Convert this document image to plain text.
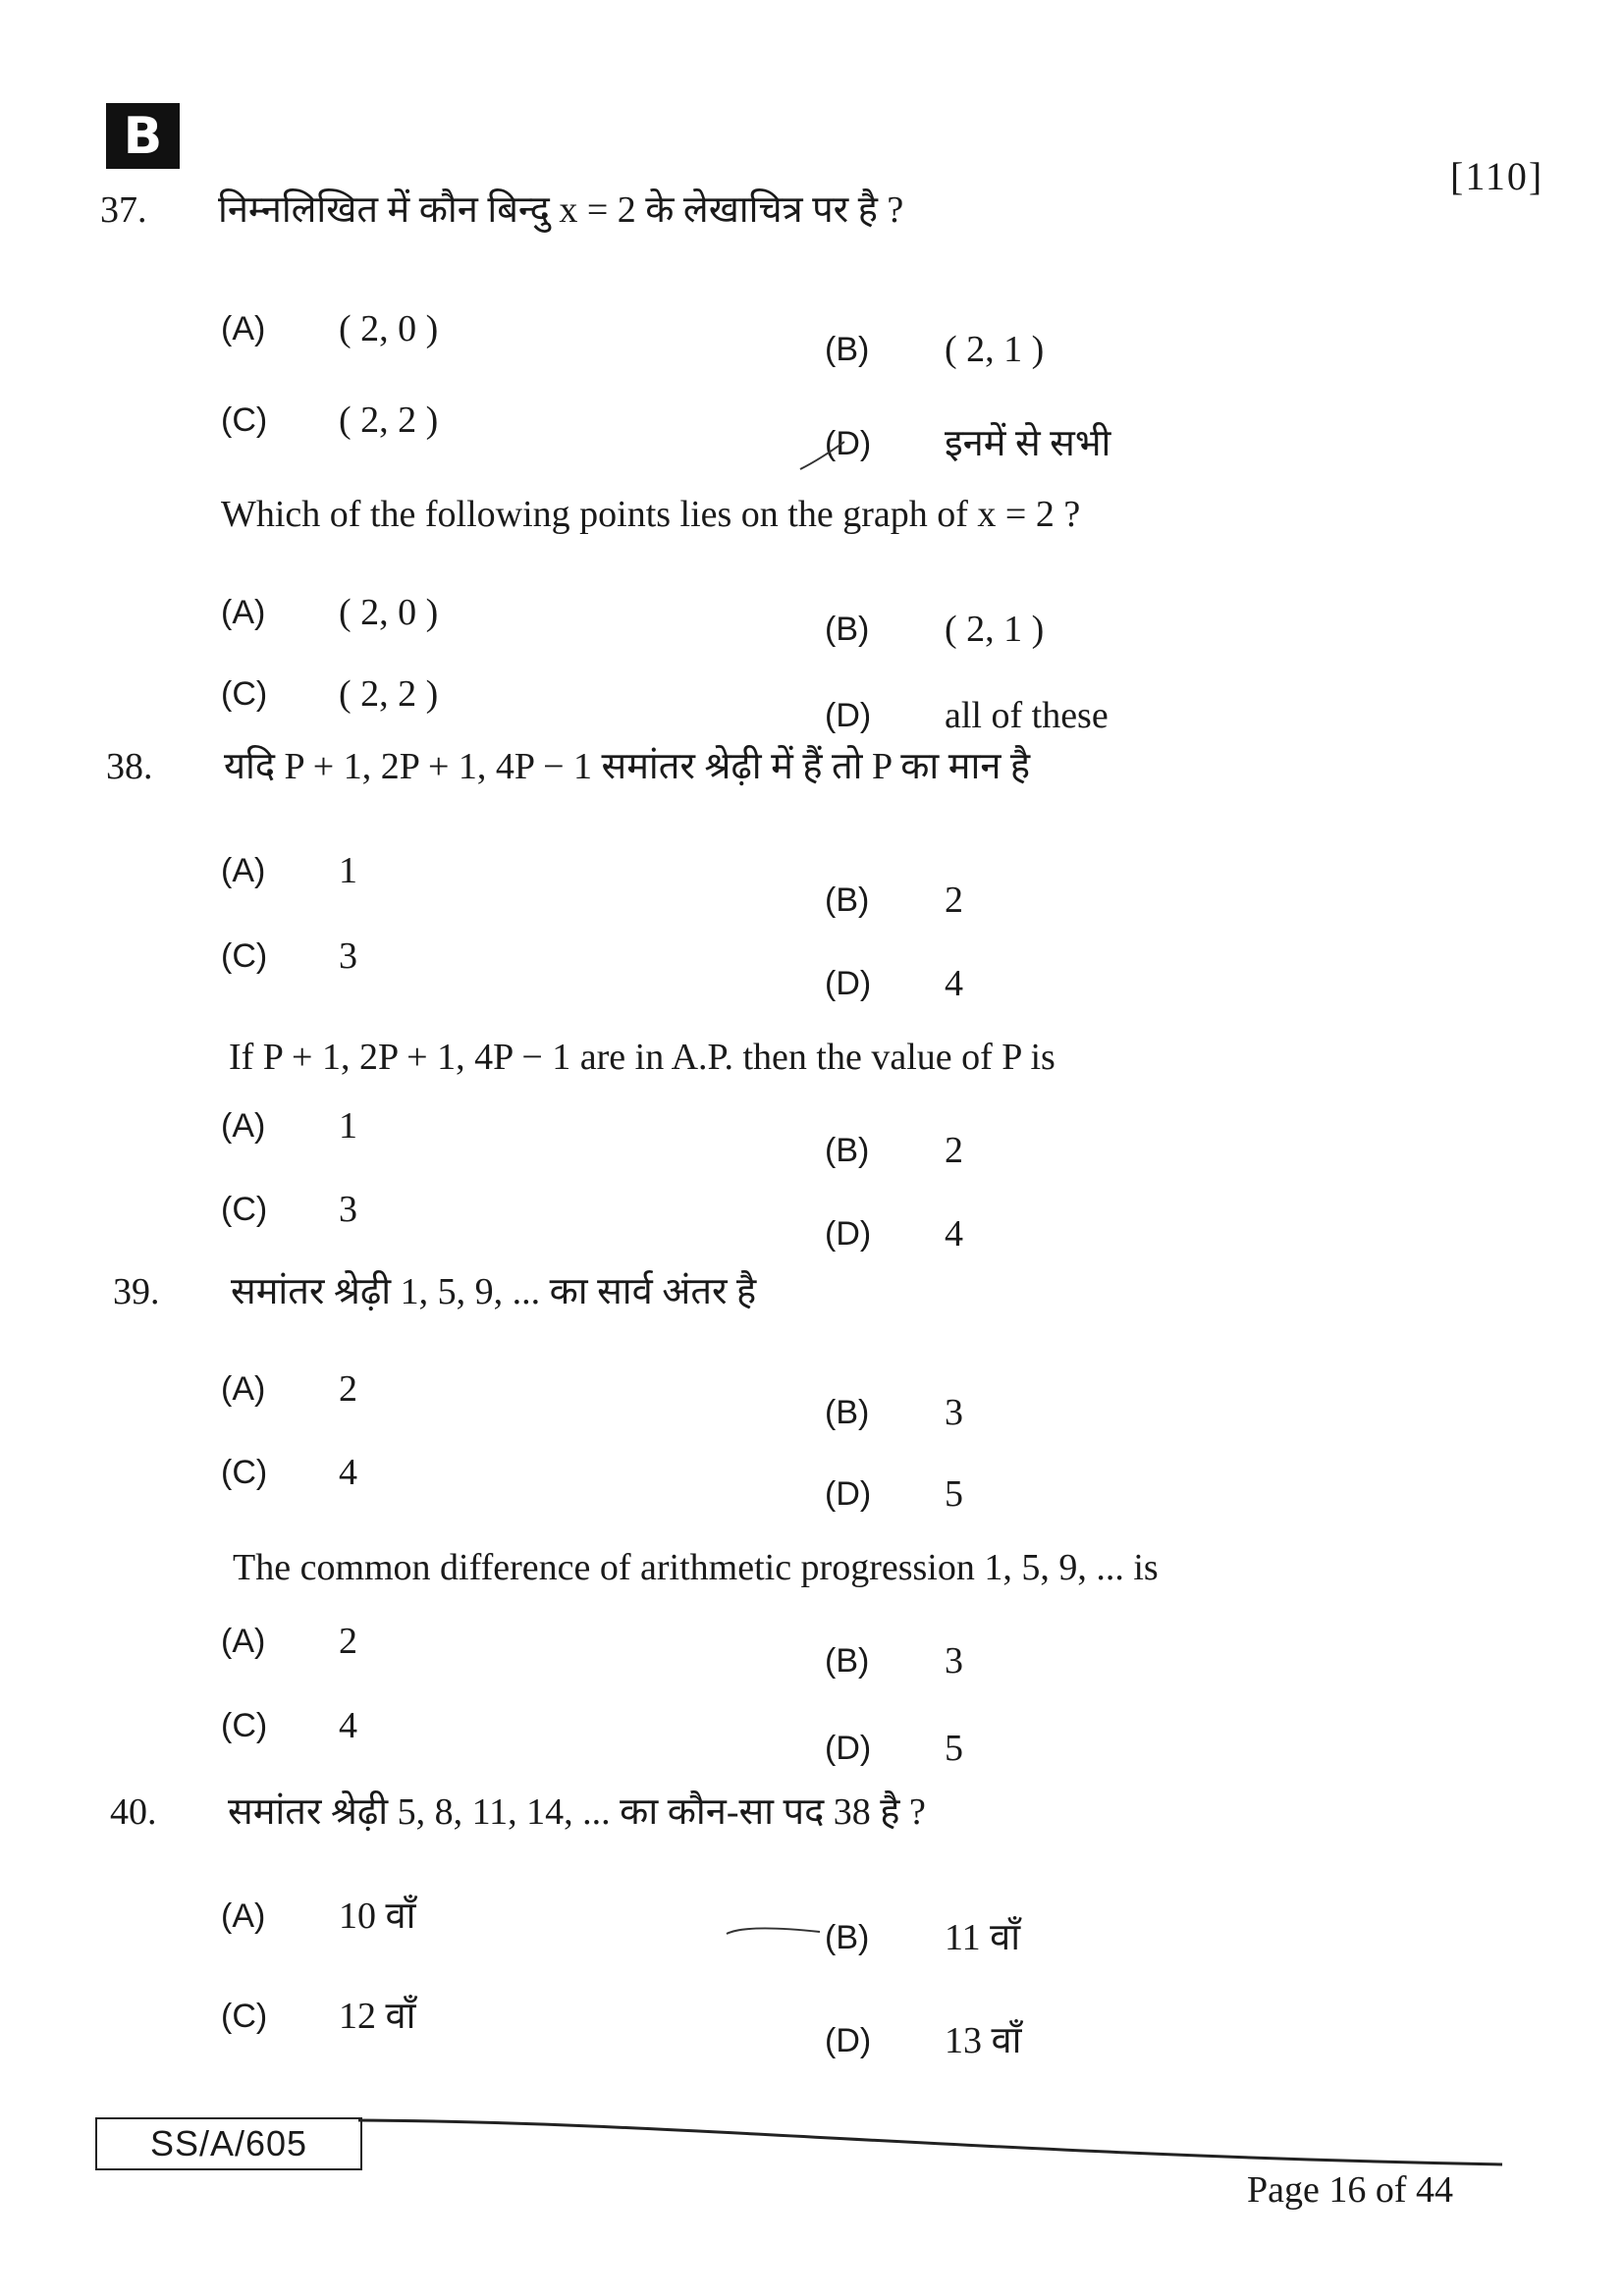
B
[110]
37. निम्नलिखित में कौन बिन्दु x = 2 के लेखाचित्र पर है ?
(A) ( 2, 0 )	(B) ( 2, 1 )
(C) ( 2, 2 )
(D) इनमें से सभी
Which of the following points lies on the graph of x = 2 ?
(A) ( 2, 0 )	(B) ( 2, 1 )
(C) ( 2, 2 )
(D) all of these
38. यदि P + 1, 2P + 1, 4P − 1 समांतर श्रेढ़ी में हैं तो P का मान है
(A) 1
(B) 2
(C) 3
(D) 4
If P + 1, 2P + 1, 4P − 1 are in A.P. then the value of P is
(A) 1
(B) 2
(C) 3
(D) 4
39. समांतर श्रेढ़ी 1, 5, 9, ... का सार्व अंतर है
(A) 2
(B) 3
(C) 4
(D) 5
The common difference of arithmetic progression 1, 5, 9, ... is
(A) 2	(B) 3
(C) 4
(D) 5
40. समांतर श्रेढ़ी 5, 8, 11, 14, ... का कौन-सा पद 38 है ?
(A) 10 वाँ
(B) 11 वाँ
(C) 12 वाँ
(D) 13 वाँ
SS/A/605
Page 16 of 44
